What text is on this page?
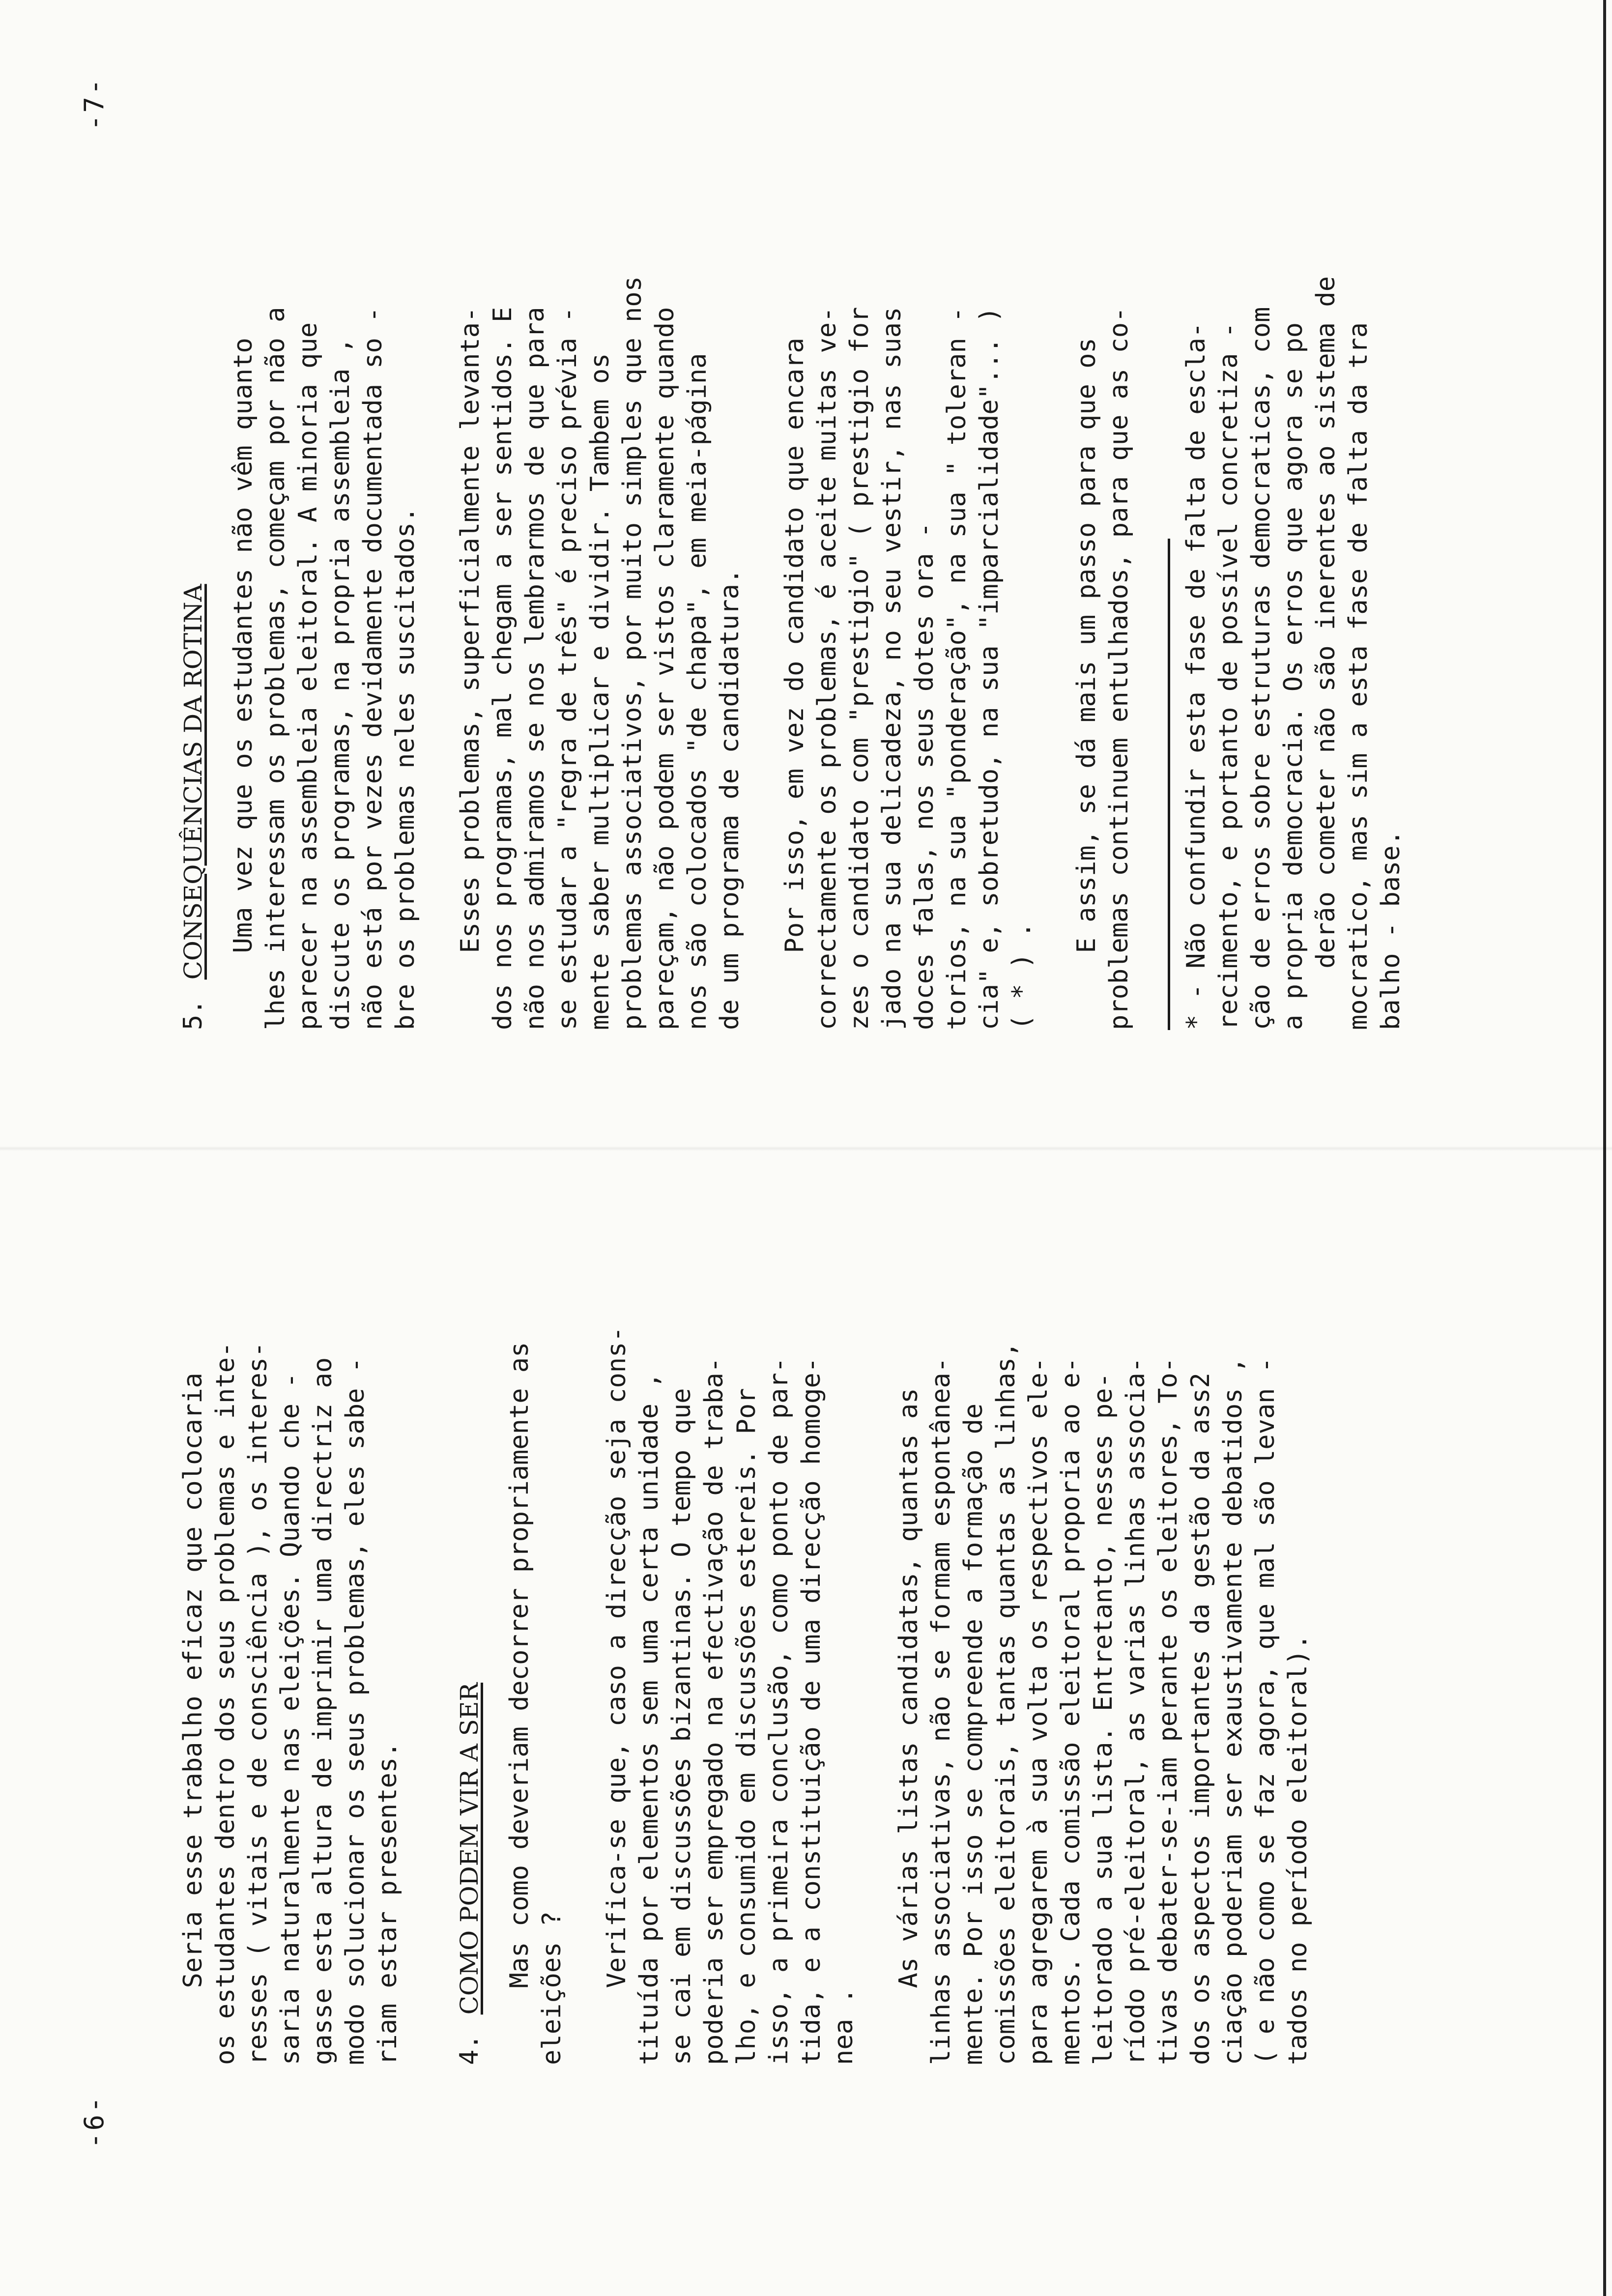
-6-

Seria esse trabalho eficaz que colocaria
os estudantes dentro dos seus problemas e inte-
resses ( vitais e de consciência ), os interes-
saria naturalmente nas eleições. Quando che -
gasse esta altura de imprimir uma directriz ao
modo solucionar os seus problemas, eles sabe -
riam estar presentes.

4.
COMO PODEM VIR A SER Mas como deveriam decorrer propriamente as
eleições ? Verifica-se que, caso a direcção seja cons-
tituída por elementos sem uma certa unidade ,
se cai em discussões bizantinas. O tempo que
poderia ser empregado na efectivação de traba-
lho, e consumido em discussões estereis. Por
isso, a primeira conclusão, como ponto de par-
tida, e a constituição de uma direcção homoge-
nea .

As várias listas candidatas, quantas as
linhas associativas, não se formam espontânea-
mente. Por isso se compreende a formação de
comissões eleitorais, tantas quantas as linhas,
para agregarem à sua volta os respectivos ele-
mentos. Cada comissão eleitoral proporia ao e-
leitorado a sua lista. Entretanto, nesses pe-
ríodo pré-eleitoral, as varias linhas associa-
tivas debater-se-iam perante os eleitores, To-
dos os aspectos importantes da gestão da ass2
ciação poderiam ser exaustivamente debatidos ,
( e não como se faz agora, que mal são levan -
tados no período eleitoral).

-7-
5.
CONSEQUÊNCIAS DA ROTINA Uma vez que os estudantes não vêm quanto
lhes interessam os problemas, começam por não a
parecer na assembleia eleitoral. A minoria que
discute os programas, na propria assembleia ,
não está por vezes devidamente documentada so -
bre os problemas neles suscitados.

Esses problemas, superficialmente levanta-
dos nos programas, mal chegam a ser sentidos. E
não nos admiramos se nos lembrarmos de que para
se estudar a "regra de três" é preciso prévia -
mente saber multiplicar e dividir. Tambem os
problemas associativos, por muito simples que nos
pareçam, não podem ser vistos claramente quando
nos são colocados "de chapa", em meia-página
de um programa de candidatura.

Por isso, em vez do candidato que encara
correctamente os problemas, é aceite muitas ve-
zes o candidato com "prestigio" ( prestigio for
jado na sua delicadeza, no seu vestir, nas suas
doces falas, nos seus dotes ora -
torios, na sua "ponderação", na sua " toleran -
cia" e, sobretudo, na sua "imparcialidade"... )
( * ) .

E assim, se dá mais um passo para que os
problemas continuem entulhados, para que as co-

* - Não confundir esta fase de falta de escla-
recimento, e portanto de possível concretiza -
ção de erros sobre estruturas democraticas, com
a propria democracia. Os erros que agora se po
derão cometer não são inerentes ao sistema de
mocratico, mas sim a esta fase de falta da tra
balho - base.
